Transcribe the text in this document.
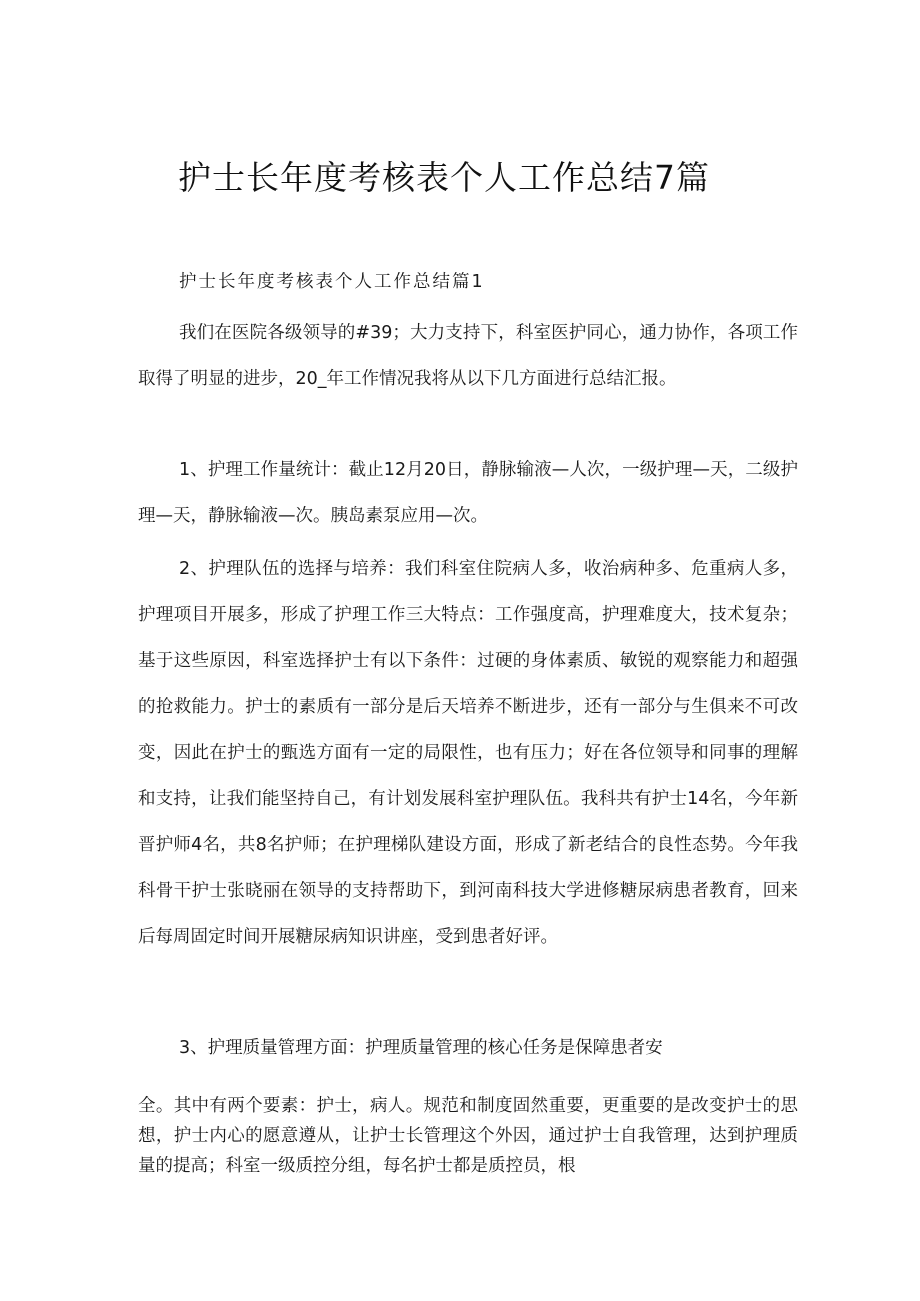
护士长年度考核表个人工作总结7篇

护士长年度考核表个人工作总结篇1

我们在医院各级领导的#39；大力支持下，科室医护同心，通力协作，各项工作取得了明显的进步，20_年工作情况我将从以下几方面进行总结汇报。

1、护理工作量统计：截止12月20日，静脉输液—人次，一级护理—天，二级护理—天，静脉输液—次。胰岛素泵应用—次。

2、护理队伍的选择与培养：我们科室住院病人多，收治病种多、危重病人多，护理项目开展多，形成了护理工作三大特点：工作强度高，护理难度大，技术复杂；基于这些原因，科室选择护士有以下条件：过硬的身体素质、敏锐的观察能力和超强的抢救能力。护士的素质有一部分是后天培养不断进步，还有一部分与生俱来不可改变，因此在护士的甄选方面有一定的局限性，也有压力；好在各位领导和同事的理解和支持，让我们能坚持自己，有计划发展科室护理队伍。我科共有护士14名，今年新晋护师4名，共8名护师；在护理梯队建设方面，形成了新老结合的良性态势。今年我科骨干护士张晓丽在领导的支持帮助下，到河南科技大学进修糖尿病患者教育，回来后每周固定时间开展糖尿病知识讲座，受到患者好评。

3、护理质量管理方面：护理质量管理的核心任务是保障患者安

全。其中有两个要素：护士，病人。规范和制度固然重要，更重要的是改变护士的思想，护士内心的愿意遵从，让护士长管理这个外因，通过护士自我管理，达到护理质量的提高；科室一级质控分组，每名护士都是质控员，根
